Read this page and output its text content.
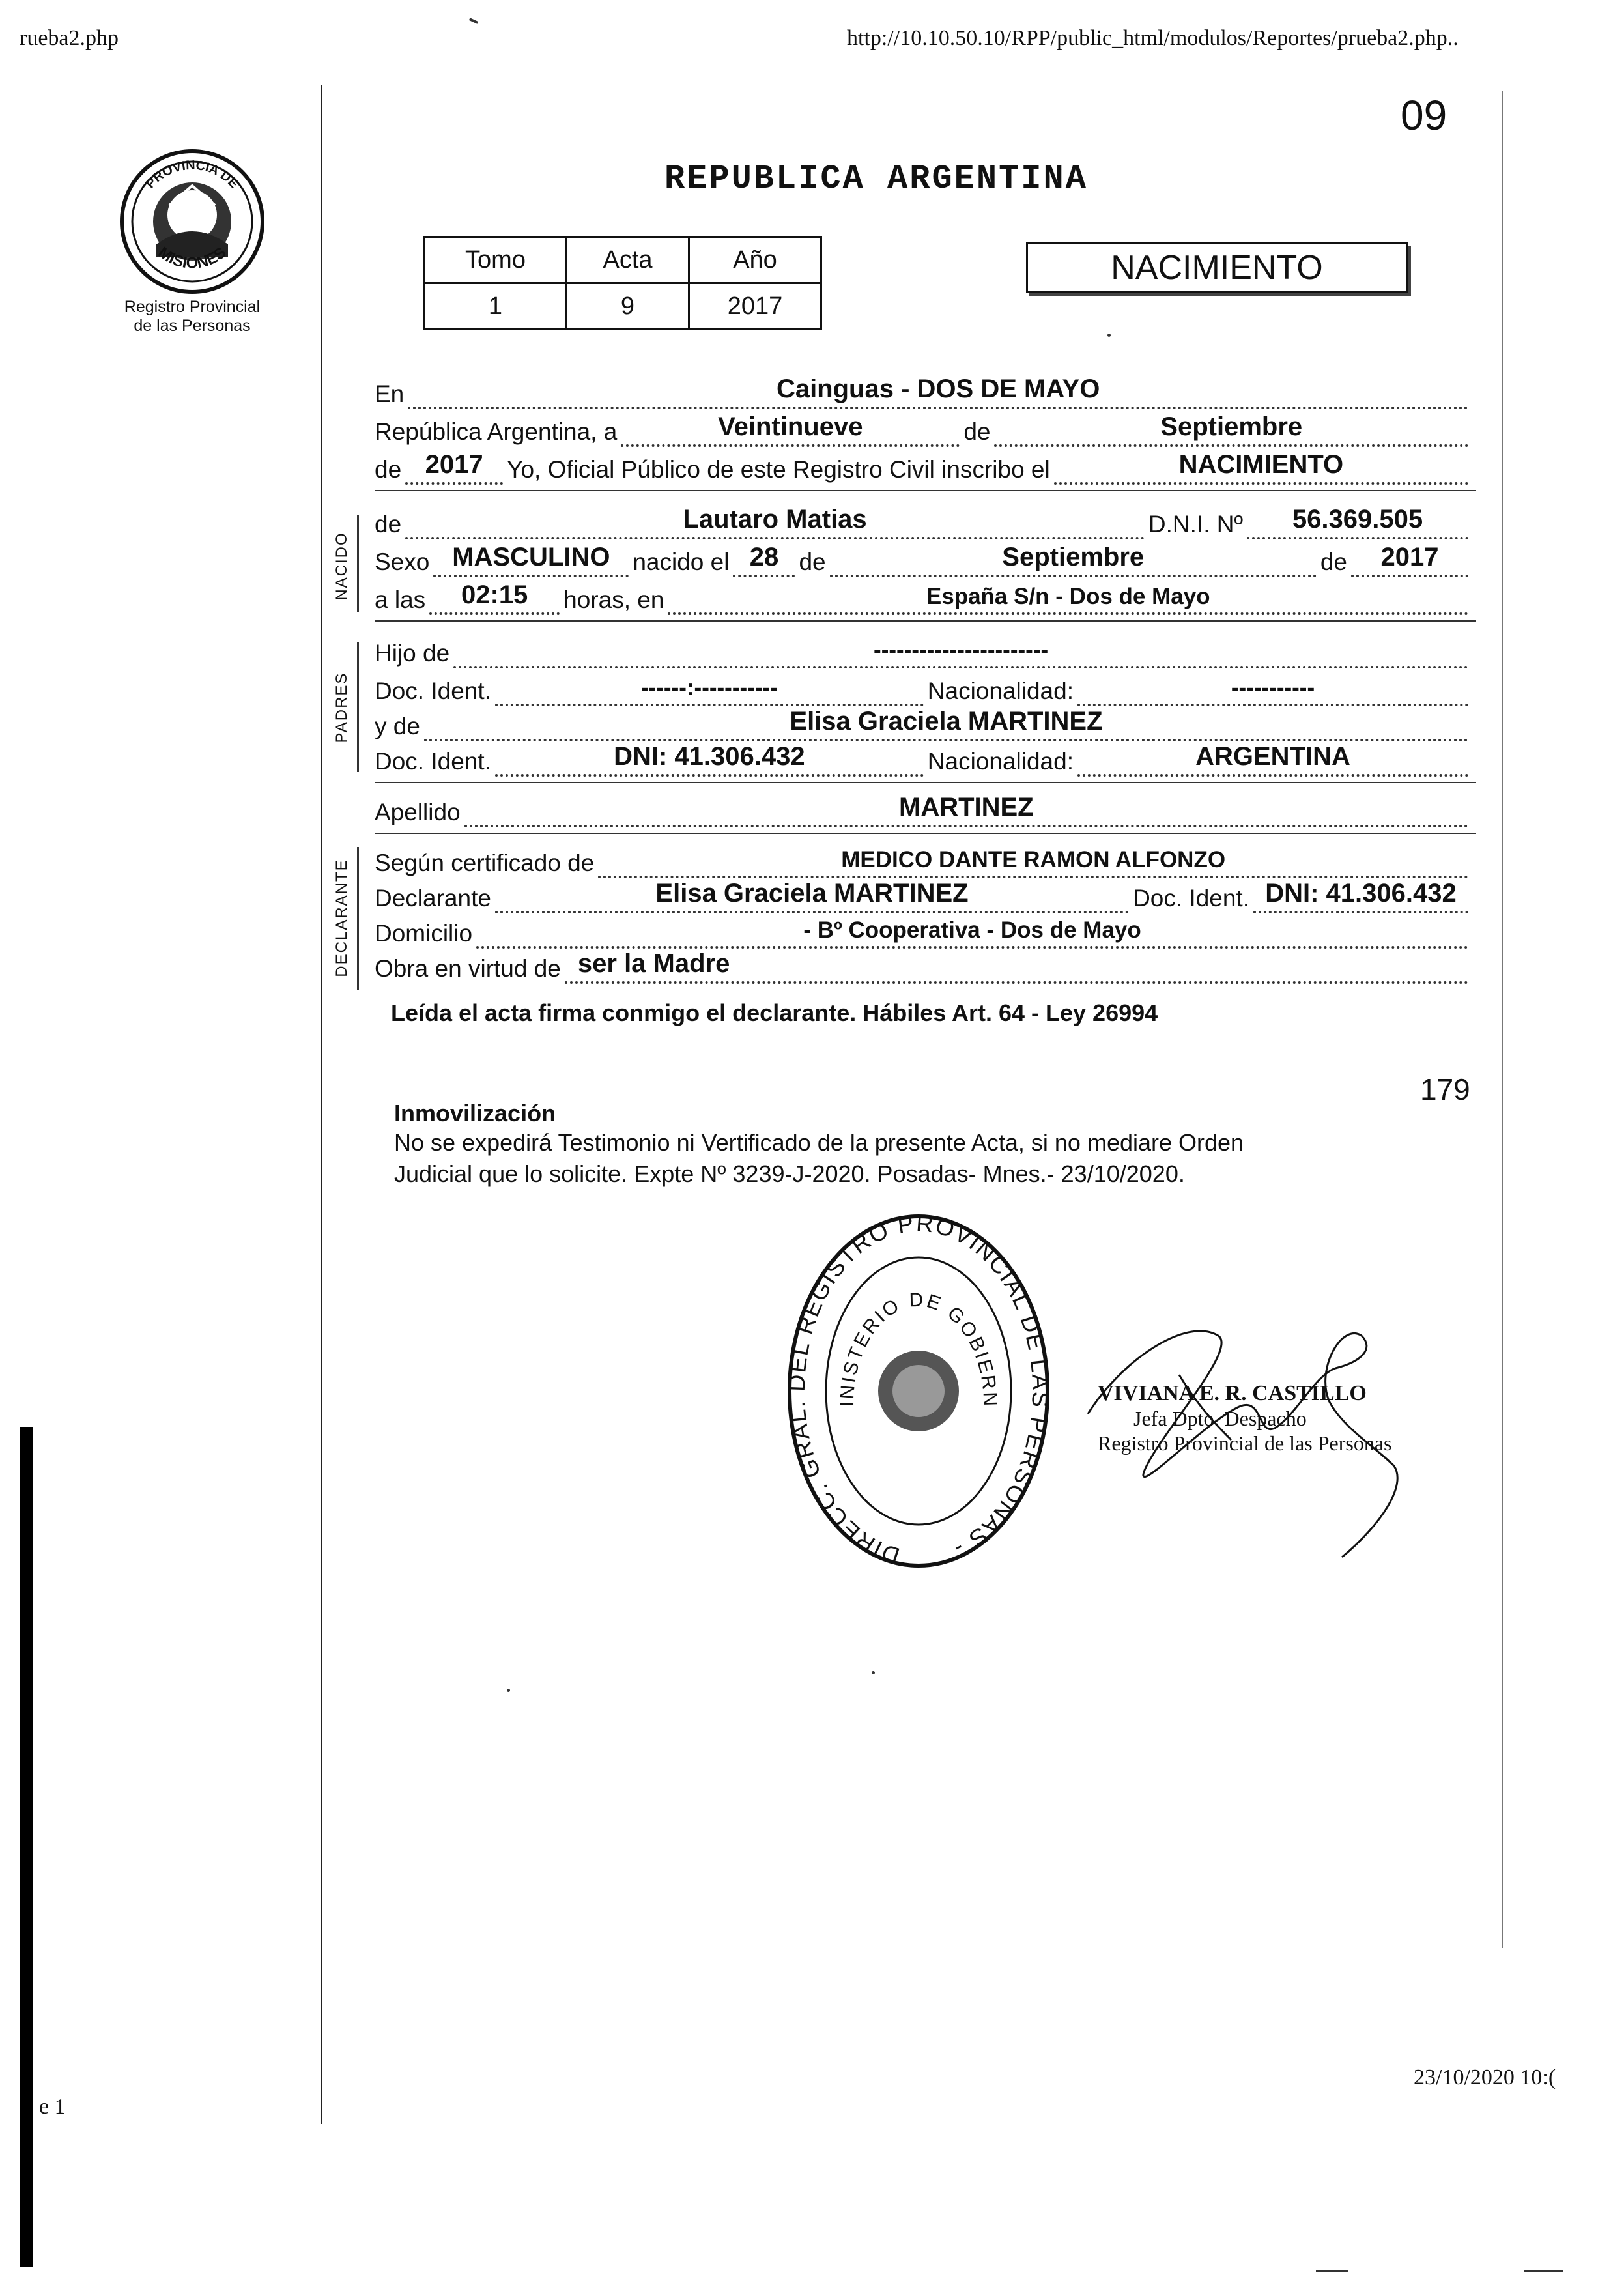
rueba2.php	http://10.10.50.10/RPP/public_html/modulos/Reportes/prueba2.php..
09
PROVINCIA DE
MISIONES
Registro Provincial
de las Personas
REPUBLICA ARGENTINA
Tomo	Acta	Año
1	9	2017
NACIMIENTO
En	Cainguas - DOS DE MAYO
República Argentina, a	Veintinueve	de	Septiembre
de 2017 Yo, Oficial Público de este Registro Civil inscribo el	NACIMIENTO
NACIDO
de	Lautaro Matias	D.N.I. Nº	56.369.505
Sexo MASCULINO nacido el 28 de	Septiembre	de	2017
a las	02:15	horas, en	España S/n - Dos de Mayo
PADRES
Hijo de	-----------------------
Doc. Ident.	------:-----------	Nacionalidad:	-----------
y de	Elisa Graciela MARTINEZ
Doc. Ident.	DNI: 41.306.432	Nacionalidad:	ARGENTINA
Apellido	MARTINEZ
DECLARANTE Según certificado de	MEDICO DANTE RAMON ALFONZO
Declarante	Elisa Graciela MARTINEZ	Doc. Ident. DNI: 41.306.432
Domicilio	- Bº Cooperativa - Dos de Mayo
Obra en virtud de ser la Madre
Leída el acta firma conmigo el declarante. Hábiles Art. 64 - Ley 26994
179
Inmovilización
No se expedirá Testimonio ni Vertificado de la presente Acta, si no mediare Orden
Judicial que lo solicite. Expte Nº 3239-J-2020. Posadas- Mnes.- 23/10/2020.
DIRECC. GRAL. DEL REGISTRO PROVINCIAL DE LAS PERSONAS -
INISTERIO DE GOBIERN	VIVIANA E. R. CASTILLO
Jefa Dpto. Despacho
Registro Provincial de las Personas
e 1
23/10/2020 10:(
